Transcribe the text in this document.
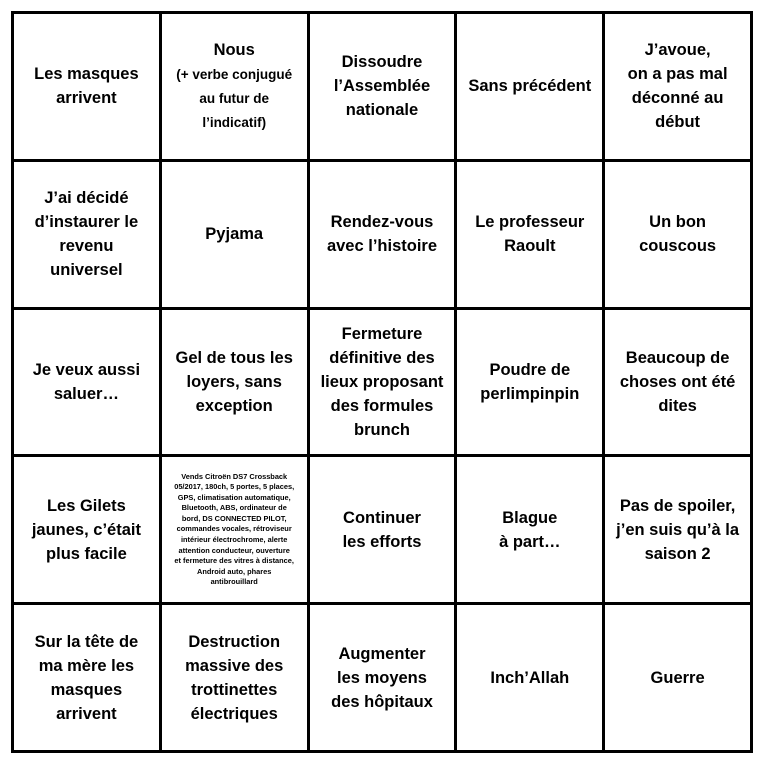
Les masques
arrivent
Nous
(+ verbe conjugué
au futur de
l’indicatif)
Dissoudre
l’Assemblée
nationale
Sans précédent
J’avoue,
on a pas mal
déconné au
début
J’ai décidé
d’instaurer le
revenu
universel
Pyjama
Rendez-vous
avec l’histoire
Le professeur
Raoult
Un bon
couscous
Je veux aussi
saluer…
Gel de tous les
loyers, sans
exception
Fermeture
définitive des
lieux proposant
des formules
brunch
Poudre de
perlimpinpin
Beaucoup de
choses ont été
dites
Les Gilets
jaunes, c’était
plus facile
Vends Citroën DS7 Crossback
05/2017, 180ch, 5 portes, 5 places,
GPS, climatisation automatique,
Bluetooth, ABS, ordinateur de
bord, DS CONNECTED PILOT,
commandes vocales, rétroviseur
intérieur électrochrome, alerte
attention conducteur, ouverture
et fermeture des vitres à distance,
Android auto, phares
antibrouillard
Continuer
les efforts
Blague
à part…
Pas de spoiler,
j’en suis qu’à la
saison 2
Sur la tête de
ma mère les
masques
arrivent
Destruction
massive des
trottinettes
électriques
Augmenter
les moyens
des hôpitaux
Inch’Allah	Guerre
